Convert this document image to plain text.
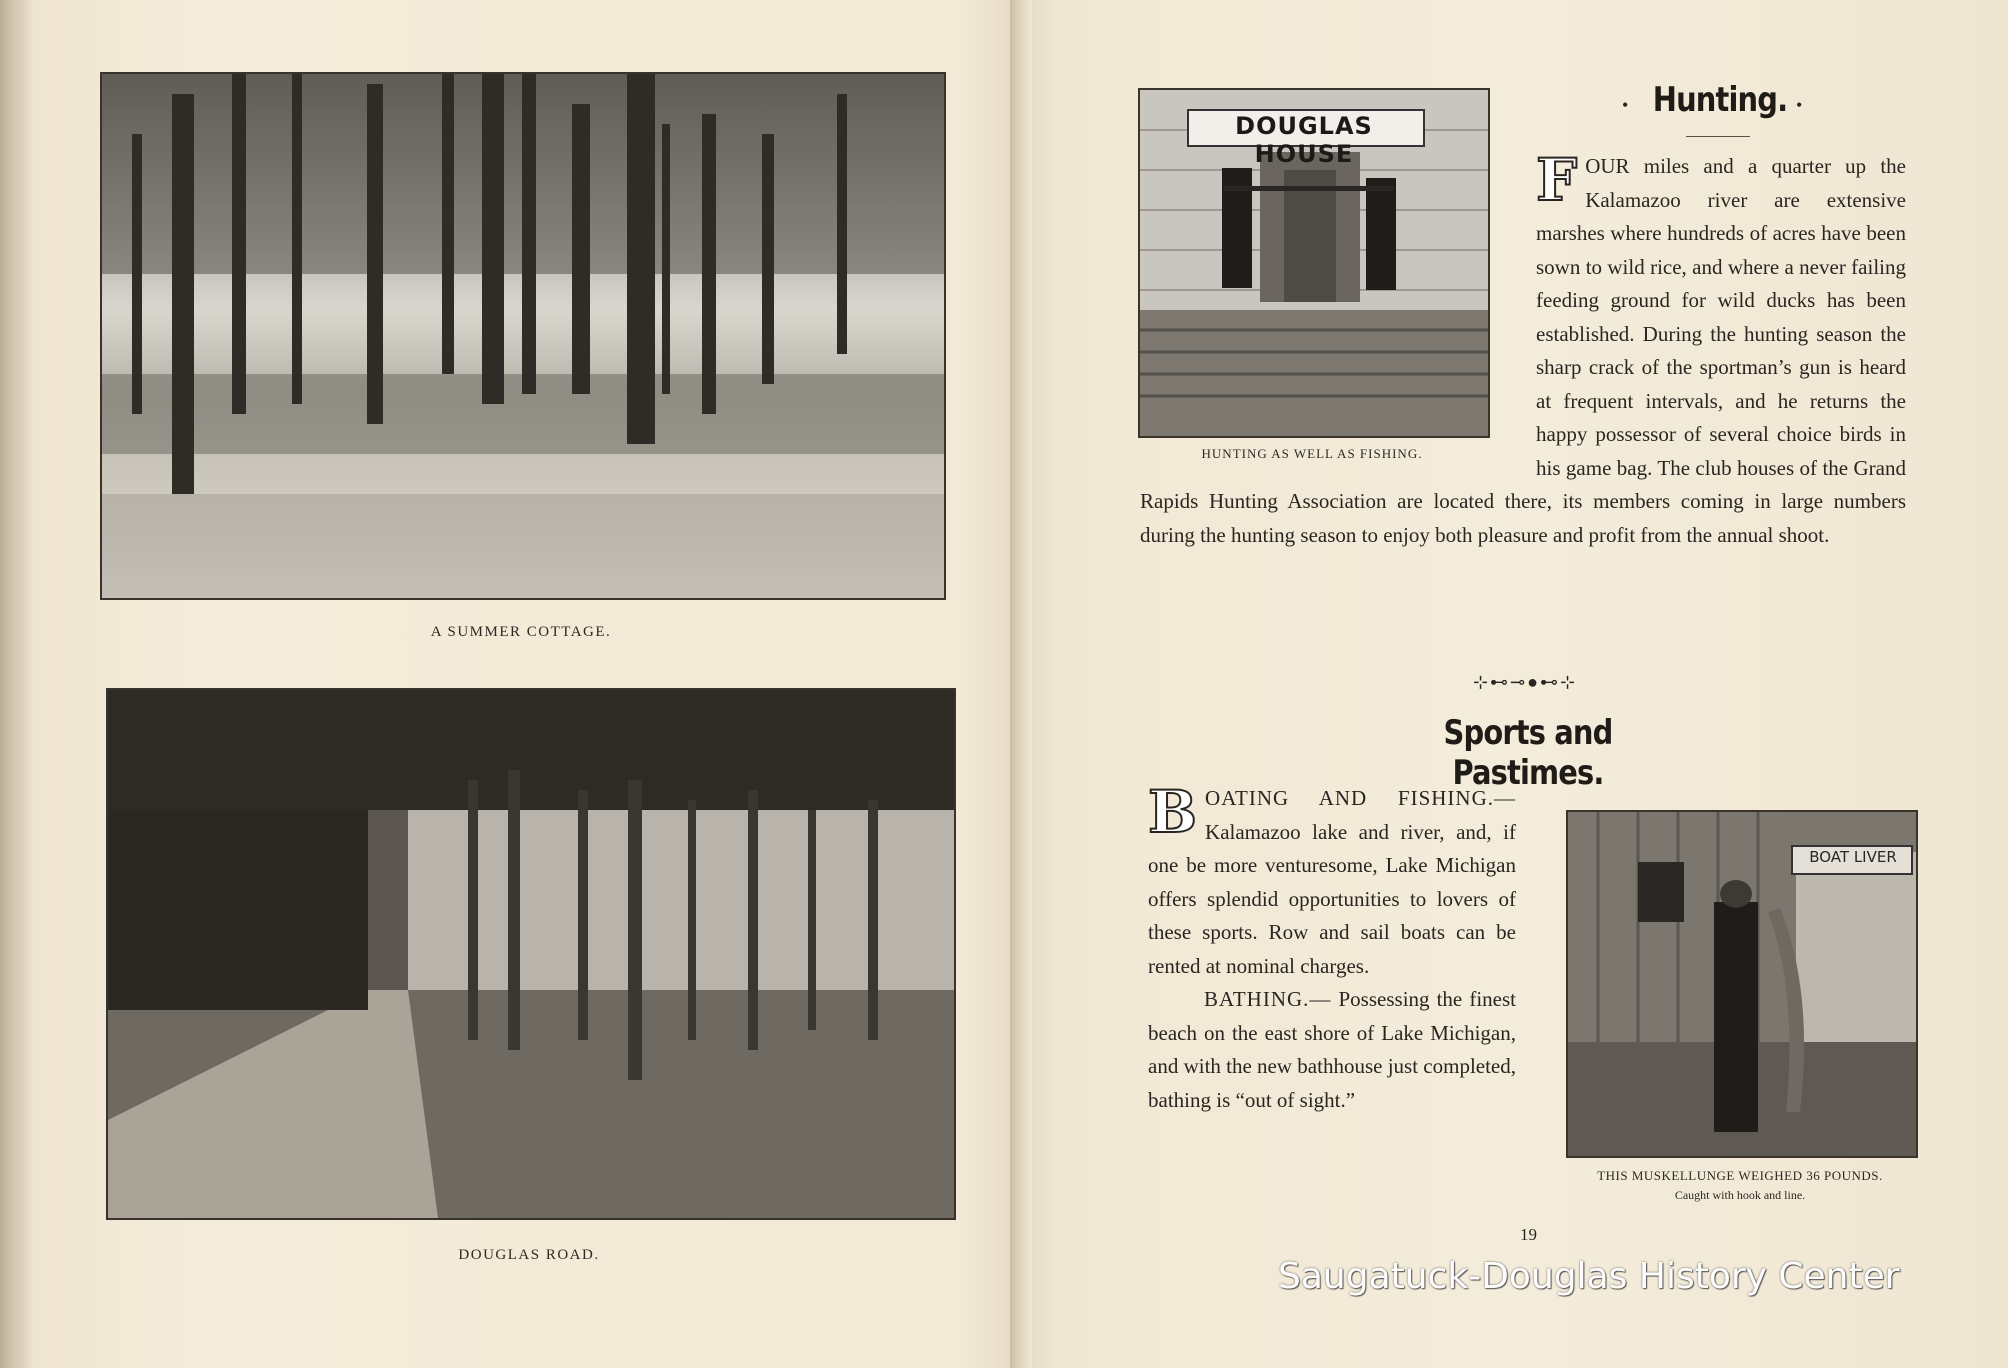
A SUMMER COTTAGE.
DOUGLAS ROAD.
DOUGLAS HOUSE
HUNTING AS WELL AS FISHING.
• Hunting. •
F OUR miles and a quarter up the Kalamazoo river are extensive marshes where hundreds of acres have been sown to wild rice, and where a never failing feeding ground for wild ducks has been established. During the hunting season the sharp crack of the sportman’s gun is heard at frequent intervals, and he returns the happy possessor of several choice birds in his game bag. The club houses of the Grand Rapids Hunting Association are located there, its members coming in large numbers during the hunting season to enjoy both pleasure and profit from the annual shoot.
⊹⊷⊸●⊷⊹
Sports and Pastimes.

B OATING AND FISHING.— Kalamazoo lake and river, and, if one be more venturesome, Lake Michigan offers splendid opportunities to lovers of these sports. Row and sail boats can be rented at nominal charges.

BATHING.— Possessing the finest beach on the east shore of Lake Michigan, and with the new bathhouse just completed, bathing is “out of sight.”

BOAT LIVER
THIS MUSKELLUNGE WEIGHED 36 POUNDS.
Caught with hook and line.
19
Saugatuck-Douglas History Center
